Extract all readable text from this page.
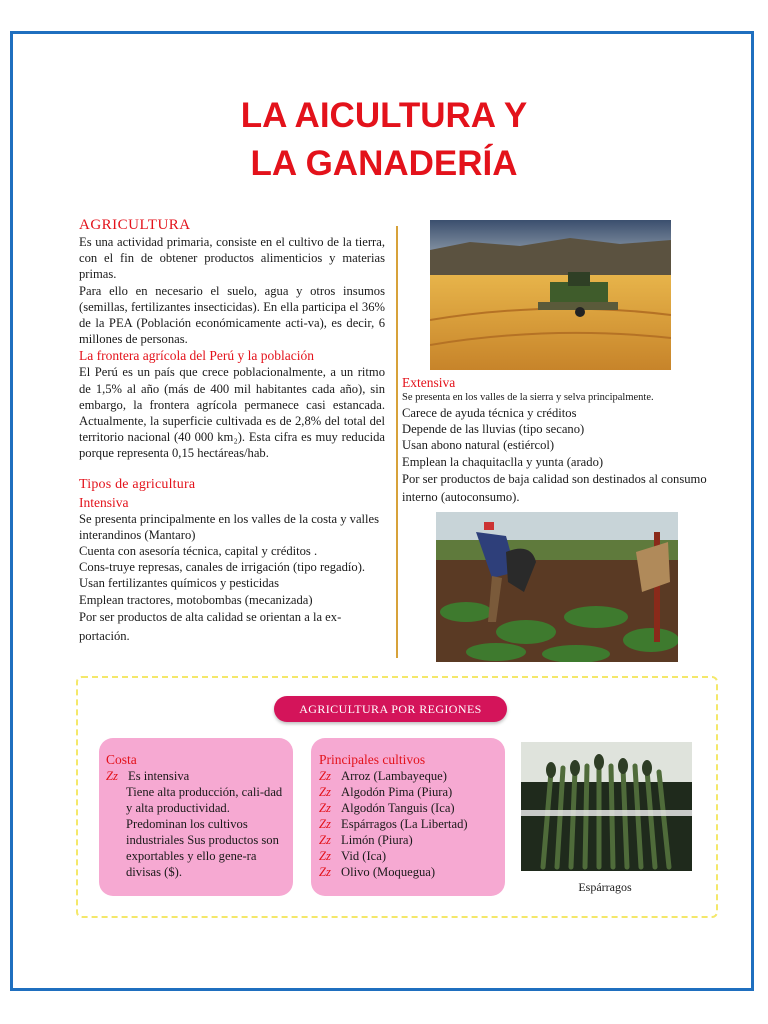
LA AICULTURA Y
LA GANADERÍA
AGRICULTURA

Es una actividad primaria, consiste en el cultivo de la tierra, con el fin de obtener productos alimenticios y materias primas.

Para ello en necesario el suelo, agua y otros insumos (semillas, fertilizantes insecticidas). En ella participa el 36% de la PEA (Población económicamente acti-va), es decir, 6 millones de personas.

La frontera agrícola del Perú y la población

El Perú es un país que crece poblacionalmente, a un ritmo de 1,5% al año (más de 400 mil habitantes cada año), sin embargo, la frontera agrícola permanece casi estancada. Actualmente, la superficie cultivada es de 2,8% del total del territorio nacional (40 000 km₂). Esta cifra es muy reducida porque representa 0,15 hectáreas/hab.

Tipos de agricultura
Intensiva

Se presenta principalmente en los valles de la costa y valles interandinos (Mantaro)

Cuenta con asesoría técnica, capital y créditos .

Cons-truye represas, canales de irrigación (tipo regadío). Usan fertilizantes químicos y pesticidas

Emplean tractores, motobombas (mecanizada)

Por ser productos de alta calidad se orientan a la ex-portación.

Extensiva
Se presenta en los valles de la sierra y selva principalmente.

Carece de ayuda técnica y créditos

Depende de las lluvias (tipo secano)

Usan abono natural (estiércol)

Emplean la chaquitaclla y yunta (arado)

Por ser productos de baja calidad son destinados al consumo interno (autoconsumo).

AGRICULTURA POR REGIONES
Costa
Zz Es intensiva
Tiene alta producción, cali-dad y alta productividad.
Predominan los cultivos industriales Sus productos son exportables y ello gene-ra divisas ($).
Principales cultivos
Zz Arroz (Lambayeque)
Zz Algodón Pima (Piura)
Zz Algodón Tanguis (Ica)
Zz Espárragos (La Libertad)
Zz Limón (Piura)
Zz Vid (Ica)
Zz Olivo (Moquegua)
Espárragos
